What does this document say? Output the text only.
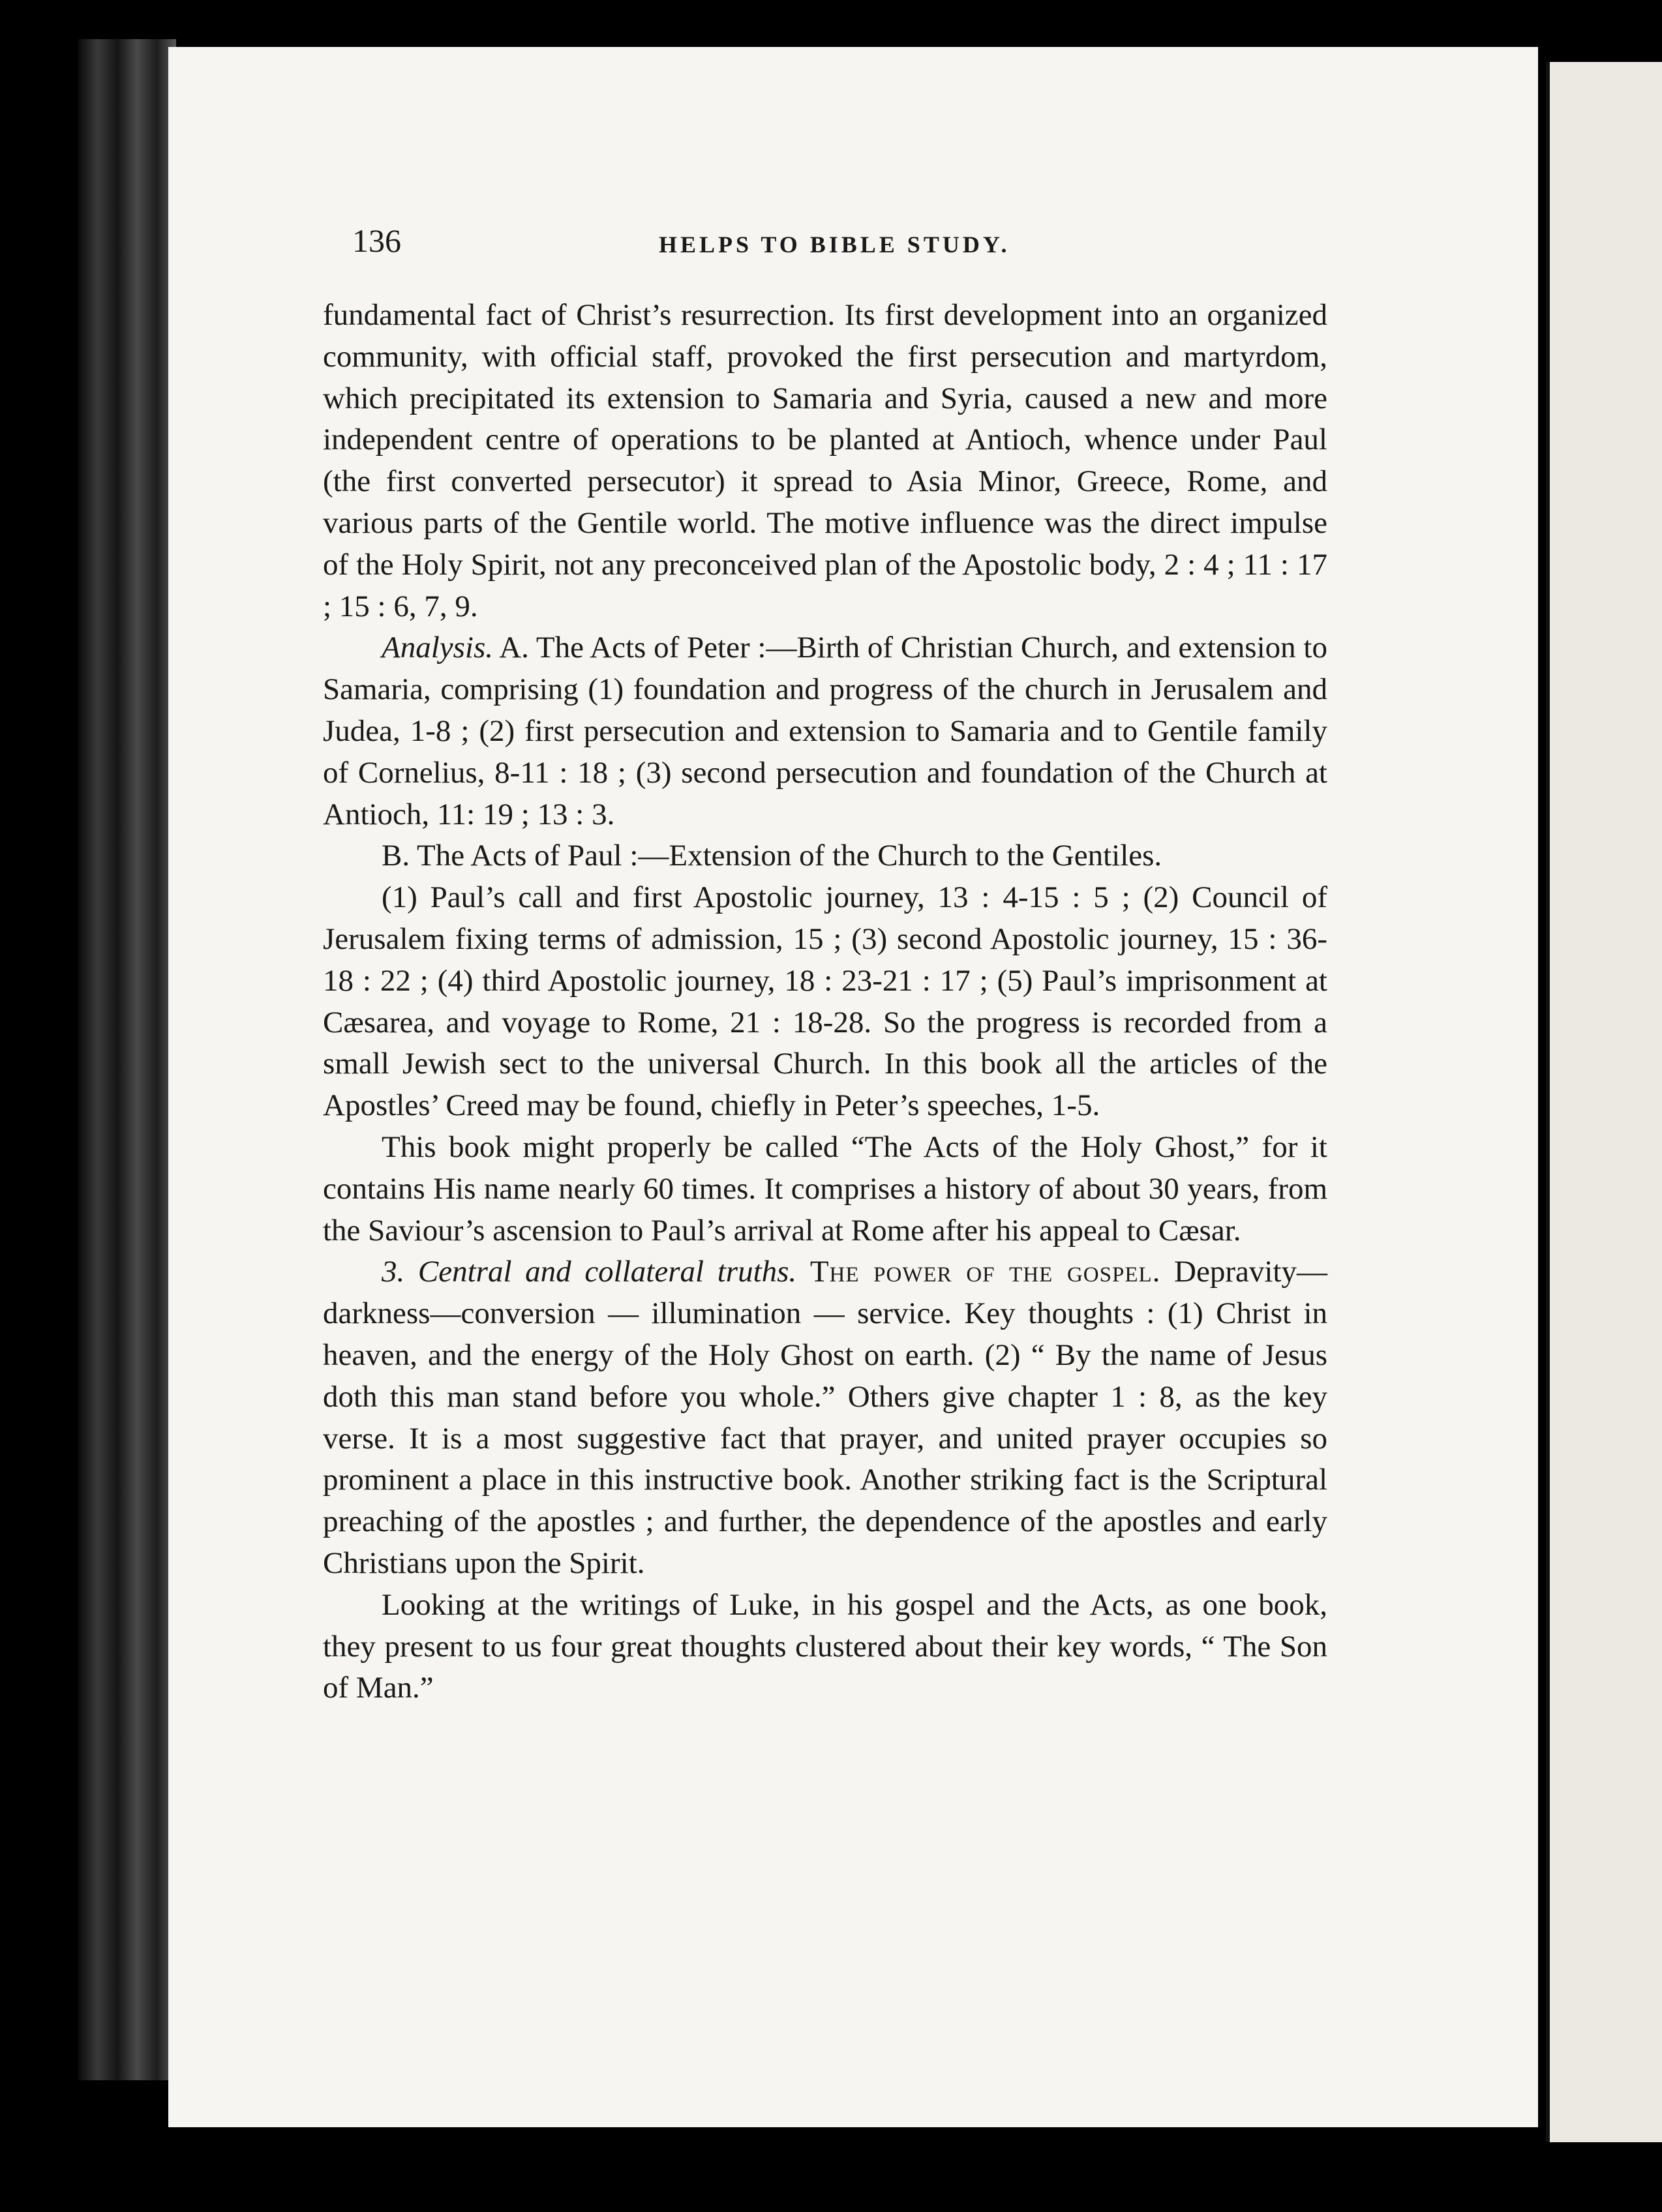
136	HELPS TO BIBLE STUDY.

fundamental fact of Christ’s resurrection. Its first development into an organized community, with official staff, provoked the first persecution and martyrdom, which precipitated its extension to Samaria and Syria, caused a new and more independent centre of operations to be planted at Antioch, whence under Paul (the first converted persecutor) it spread to Asia Minor, Greece, Rome, and various parts of the Gentile world. The motive influence was the direct impulse of the Holy Spirit, not any preconceived plan of the Apostolic body, 2 : 4 ; 11 : 17 ; 15 : 6, 7, 9.

Analysis. A. The Acts of Peter :—Birth of Christian Church, and extension to Samaria, comprising (1) foundation and progress of the church in Jerusalem and Judea, 1-8 ; (2) first persecution and extension to Samaria and to Gentile family of Cornelius, 8-11 : 18 ; (3) second persecution and foundation of the Church at Antioch, 11: 19 ; 13 : 3.

B. The Acts of Paul :—Extension of the Church to the Gentiles.

(1) Paul’s call and first Apostolic journey, 13 : 4-15 : 5 ; (2) Council of Jerusalem fixing terms of admission, 15 ; (3) second Apostolic journey, 15 : 36-18 : 22 ; (4) third Apostolic journey, 18 : 23-21 : 17 ; (5) Paul’s imprisonment at Cæsarea, and voyage to Rome, 21 : 18-28. So the progress is recorded from a small Jewish sect to the universal Church. In this book all the articles of the Apostles’ Creed may be found, chiefly in Peter’s speeches, 1-5.

This book might properly be called “The Acts of the Holy Ghost,” for it contains His name nearly 60 times. It comprises a history of about 30 years, from the Saviour’s ascension to Paul’s arrival at Rome after his appeal to Cæsar.

3. Central and collateral truths. The power of the gospel. Depravity—darkness—conversion — illumination — service. Key thoughts : (1) Christ in heaven, and the energy of the Holy Ghost on earth. (2) “ By the name of Jesus doth this man stand before you whole.” Others give chapter 1 : 8, as the key verse. It is a most suggestive fact that prayer, and united prayer occupies so prominent a place in this instructive book. Another striking fact is the Scriptural preaching of the apostles ; and further, the dependence of the apostles and early Christians upon the Spirit.

Looking at the writings of Luke, in his gospel and the Acts, as one book, they present to us four great thoughts clustered about their key words, “ The Son of Man.”
